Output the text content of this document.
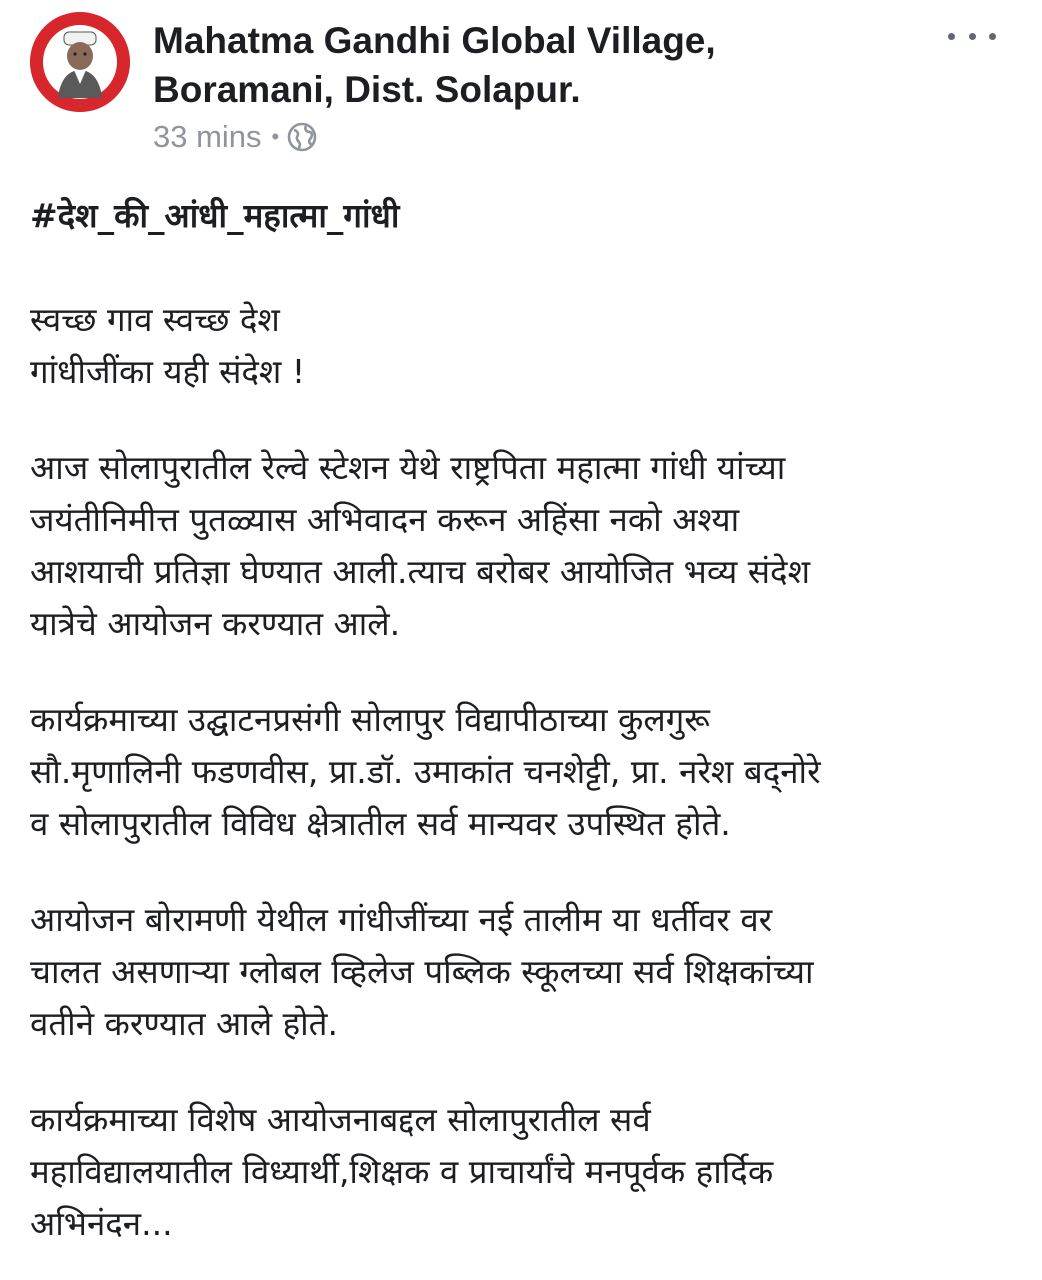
Mahatma Gandhi Global Village,
Boramani, Dist. Solapur.
33 mins •

#देश_की_आंधी_महात्मा_गांधी

स्वच्छ गाव स्वच्छ देश
गांधीजींका यही संदेश !

आज सोलापुरातील रेल्वे स्टेशन येथे राष्ट्रपिता महात्मा गांधी यांच्या
जयंतीनिमीत्त पुतळ्यास अभिवादन करून अहिंसा नको अश्या
आशयाची प्रतिज्ञा घेण्यात आली.त्याच बरोबर आयोजित भव्य संदेश
यात्रेचे आयोजन करण्यात आले.

कार्यक्रमाच्या उद्घाटनप्रसंगी सोलापुर विद्यापीठाच्या कुलगुरू
सौ.मृणालिनी फडणवीस, प्रा.डॉ. उमाकांत चनशेट्टी, प्रा. नरेश बद्नोरे
व सोलापुरातील विविध क्षेत्रातील सर्व मान्यवर उपस्थित होते.

आयोजन बोरामणी येथील गांधीजींच्या नई तालीम या धर्तीवर वर
चालत असणाऱ्या ग्लोबल व्हिलेज पब्लिक स्कूलच्या सर्व शिक्षकांच्या
वतीने करण्यात आले होते.

कार्यक्रमाच्या विशेष आयोजनाबद्दल सोलापुरातील सर्व
महाविद्यालयातील विध्यार्थी,शिक्षक व प्राचार्यांचे मनपूर्वक हार्दिक
अभिनंदन...
